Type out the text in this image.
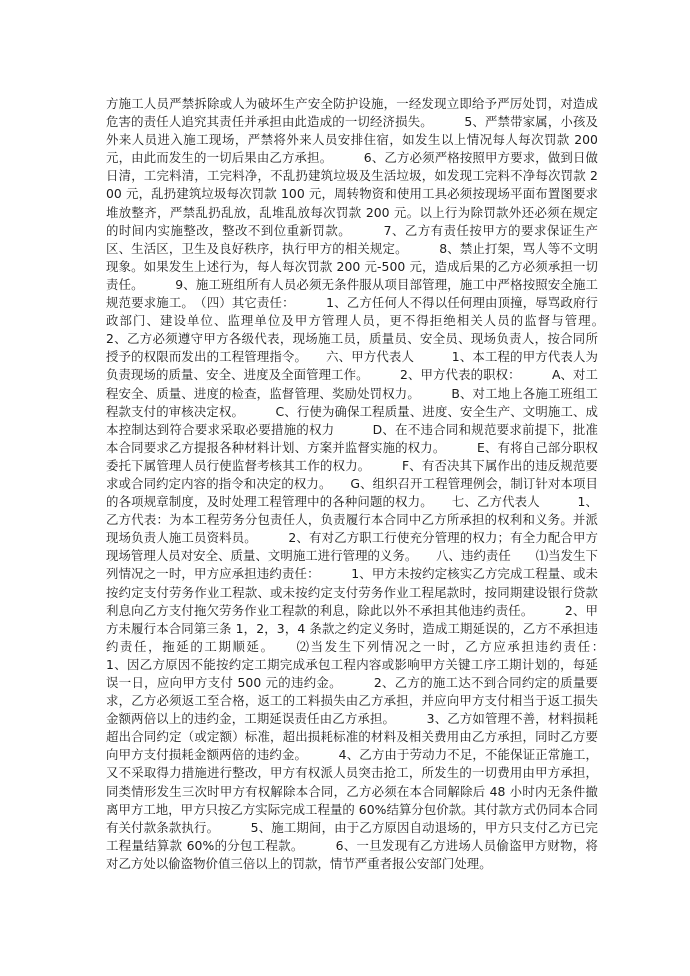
方施工人员严禁拆除或人为破坏生产安全防护设施，一经发现立即给予严厉处罚，对造成危害的责任人追究其责任并承担由此造成的一切经济损失。　　　5、严禁带家属，小孩及外来人员进入施工现场，严禁将外来人员安排住宿，如发生以上情况每人每次罚款 200 元，由此而发生的一切后果由乙方承担。　　　6、乙方必须严格按照甲方要求，做到日做日清，工完料清，工完料净，不乱扔建筑垃圾及生活垃圾，如发现工完料不净每次罚款 200 元，乱扔建筑垃圾每次罚款 100 元，周转物资和使用工具必须按现场平面布置图要求堆放整齐，严禁乱扔乱放，乱堆乱放每次罚款 200 元。以上行为除罚款外还必须在规定的时间内实施整改，整改不到位重新罚款。　　　7、乙方有责任按甲方的要求保证生产区、生活区，卫生及良好秩序，执行甲方的相关规定。　　　8、禁止打架，骂人等不文明现象。如果发生上述行为，每人每次罚款 200 元-500 元，造成后果的乙方必须承担一切责任。　　　9、施工班组所有人员必须无条件服从项目部管理，施工中严格按照安全施工规范要求施工。　（四）其它责任：　　　1、乙方任何人不得以任何理由顶撞，辱骂政府行政部门、建设单位、监理单位及甲方管理人员，更不得拒绝相关人员的监督与管理。　　　2、乙方必须遵守甲方各级代表，现场施工员，质量员、安全员、现场负责人，按合同所授予的权限而发出的工程管理指令。　　六、甲方代表人　　　1、本工程的甲方代表人为负责现场的质量、安全、进度及全面管理工作。　　　2、甲方代表的职权：　　　A、对工程安全、质量、进度的检查，监督管理、奖励处罚权力。　　　B、对工地上各施工班组工程款支付的审核决定权。　　　C、行使为确保工程质量、进度、安全生产、文明施工、成本控制达到符合要求采取必要措施的权力　　　D、在不违合同和规范要求前提下，批准本合同要求乙方提报各种材料计划、方案并监督实施的权力。　　　E、有将自己部分职权委托下属管理人员行使监督考核其工作的权力。　　　F、有否决其下属作出的违反规范要求或合同约定内容的指令和决定的权力。　　G、组织召开工程管理例会，制订针对本项目的各项规章制度，及时处理工程管理中的各种问题的权力。　　七、乙方代表人　　　1、乙方代表：为本工程劳务分包责任人，负责履行本合同中乙方所承担的权利和义务。并派现场负责人施工员资料员。　　　2、有对乙方职工行使充分管理的权力；有全力配合甲方现场管理人员对安全、质量、文明施工进行管理的义务。　　八、违约责任　　⑴当发生下列情况之一时，甲方应承担违约责任：　　　1、甲方未按约定核实乙方完成工程量、或未按约定支付劳务作业工程款、或未按约定支付劳务作业工程尾款时，按同期建设银行贷款利息向乙方支付拖欠劳务作业工程款的利息，除此以外不承担其他违约责任。　　　2、甲方未履行本合同第三条 1，2，3，4 条款之约定义务时，造成工期延误的，乙方不承担违约责任，拖延的工期顺延。　　⑵当发生下列情况之一时，乙方应承担违约责任：　　　1、因乙方原因不能按约定工期完成承包工程内容或影响甲方关键工序工期计划的，每延误一日，应向甲方支付 500 元的违约金。　　　2、乙方的施工达不到合同约定的质量要求，乙方必须返工至合格，返工的工料损失由乙方承担，并应向甲方支付相当于返工损失金额两倍以上的违约金，工期延误责任由乙方承担。　　　3、乙方如管理不善，材料损耗超出合同约定（或定额）标准，超出损耗标准的材料及相关费用由乙方承担，同时乙方要向甲方支付损耗金额两倍的违约金。　　　4、乙方由于劳动力不足，不能保证正常施工，又不采取得力措施进行整改，甲方有权派人员突击抢工，所发生的一切费用由甲方承担，同类情形发生三次时甲方有权解除本合同，乙方必须在本合同解除后 48 小时内无条件撤离甲方工地，甲方只按乙方实际完成工程量的 60%结算分包价款。其付款方式仍同本合同有关付款条款执行。　　　5、施工期间，由于乙方原因自动退场的，甲方只支付乙方已完工程量结算款 60%的分包工程款。　　　6、一旦发现有乙方进场人员偷盗甲方财物，将对乙方处以偷盗物价值三倍以上的罚款，情节严重者报公安部门处理。
